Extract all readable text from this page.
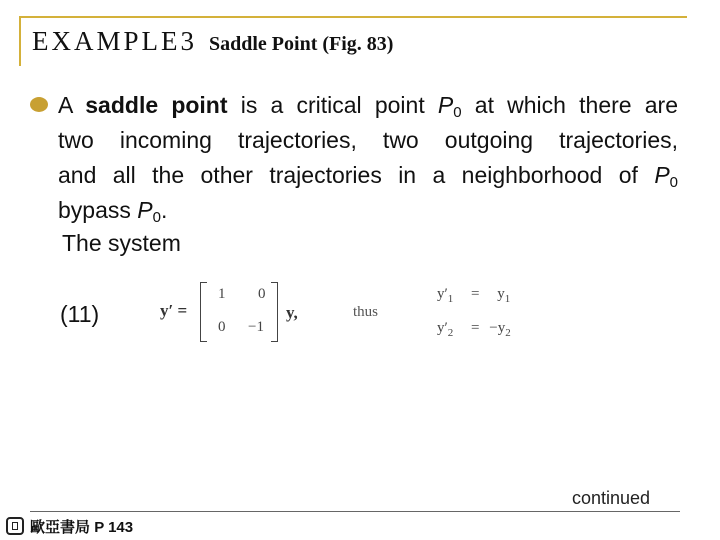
EXAMPLE3 Saddle Point (Fig. 83)
A saddle point is a critical point $P_0$ at which there are
two incoming trajectories, two outgoing trajectories,
and all the other trajectories in a neighborhood of $P_0$
bypass $P_0$.
The system
(11)	y′ =
1 0
0 −1
y,	thus
$y'_1 = y_1$
$y'_2 = -y_2$
continued
歐亞書局 P 143
